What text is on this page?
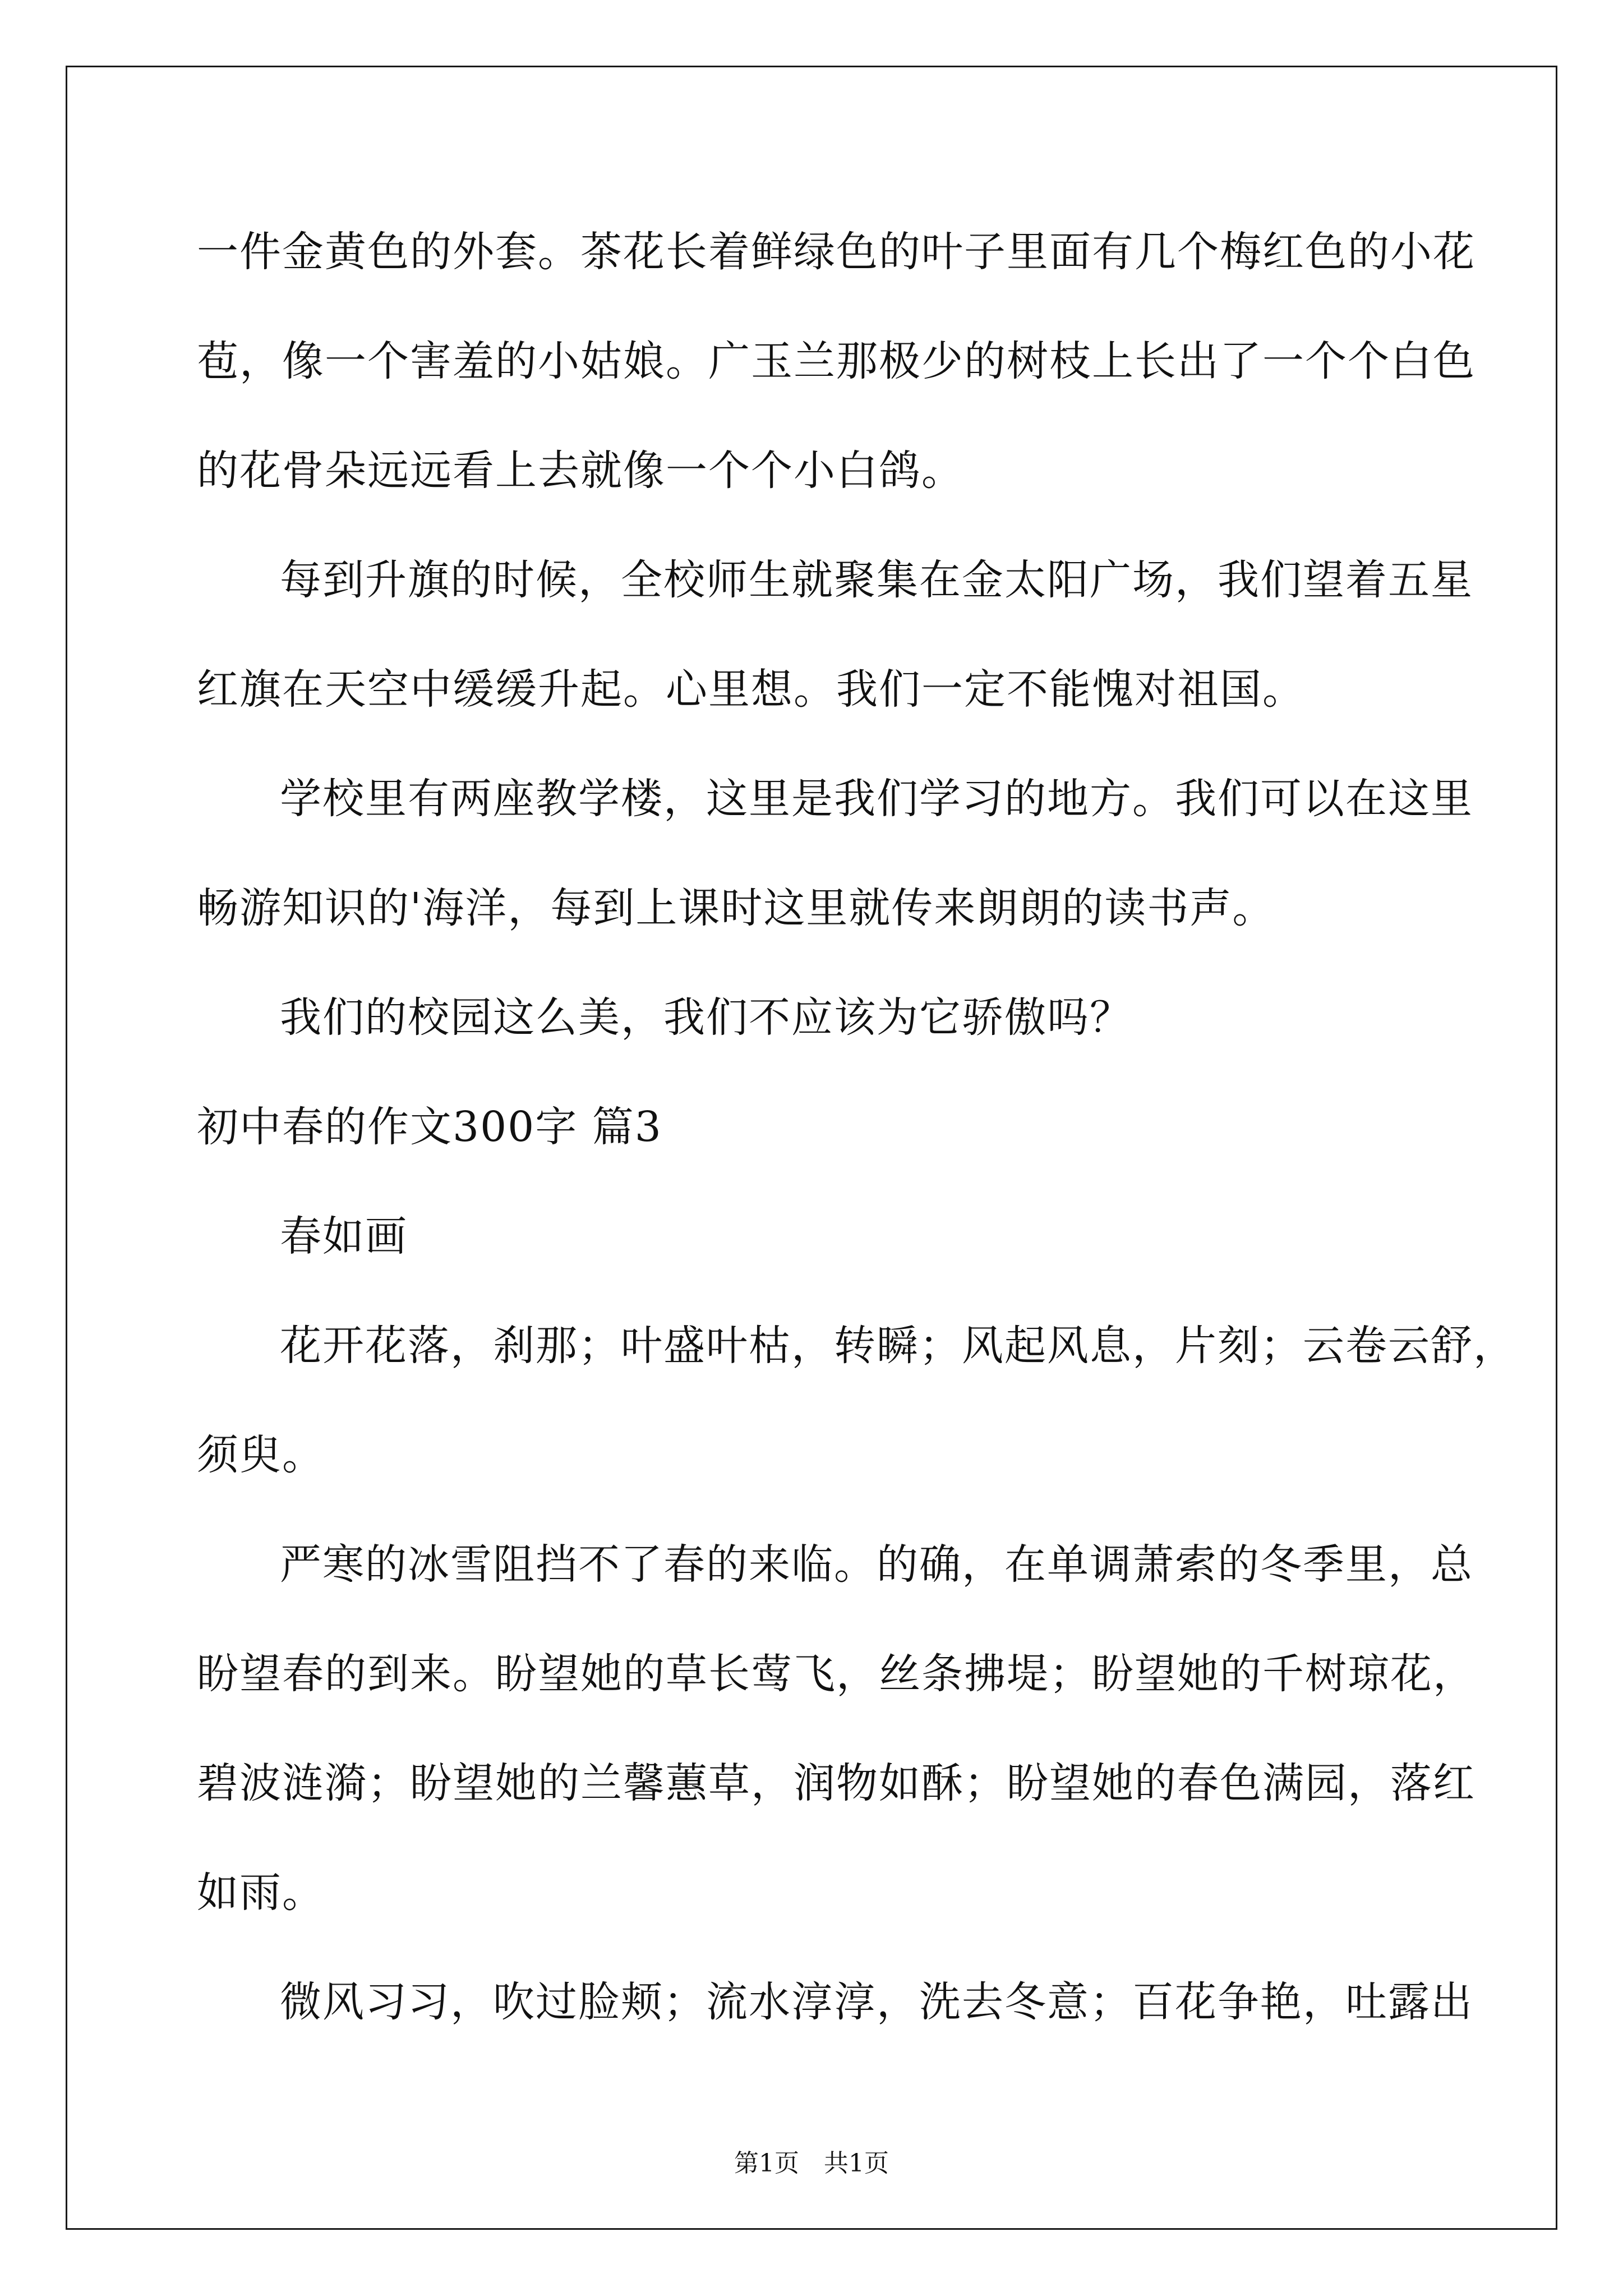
一件金黄色的外套。茶花长着鲜绿色的叶子里面有几个梅红色的小花
苞，像一个害羞的小姑娘。广玉兰那极少的树枝上长出了一个个白色
的花骨朵远远看上去就像一个个小白鸽。
每到升旗的时候，全校师生就聚集在金太阳广场，我们望着五星
红旗在天空中缓缓升起。心里想。我们一定不能愧对祖国。
学校里有两座教学楼，这里是我们学习的地方。我们可以在这里
畅游知识的'海洋，每到上课时这里就传来朗朗的读书声。
我们的校园这么美，我们不应该为它骄傲吗？
初中春的作文300字 篇3
春如画
花开花落，刹那；叶盛叶枯，转瞬；风起风息，片刻；云卷云舒，
须臾。
严寒的冰雪阻挡不了春的来临。的确，在单调萧索的冬季里，总
盼望春的到来。盼望她的草长莺飞，丝条拂堤；盼望她的千树琼花，
碧波涟漪；盼望她的兰馨蕙草，润物如酥；盼望她的春色满园，落红
如雨。
微风习习，吹过脸颊；流水淳淳，洗去冬意；百花争艳，吐露出
第1页　共1页
